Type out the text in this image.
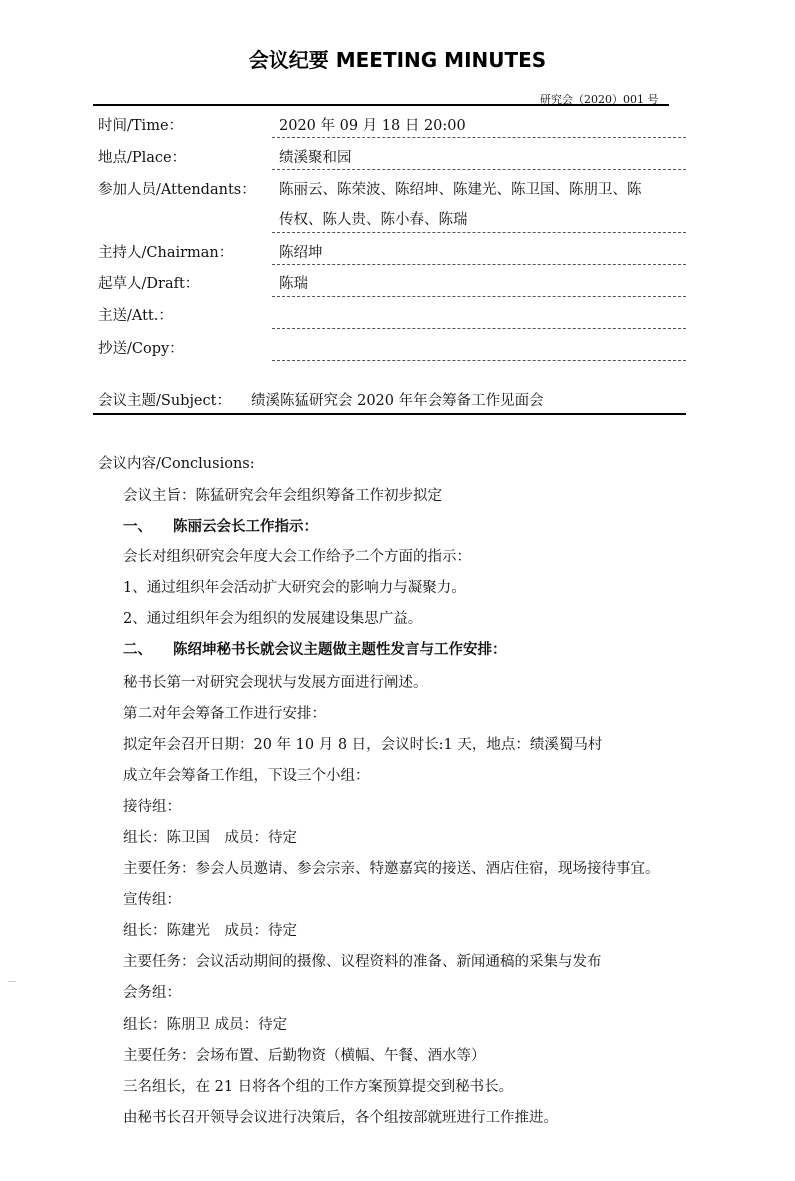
会议纪要 MEETING MINUTES
研究会（2020）001 号
时间/Time：	2020 年 09 月 18 日 20:00
地点/Place：	绩溪聚和园
参加人员/Attendants： 陈丽云、陈荣波、陈绍坤、陈建光、陈卫国、陈朋卫、陈
传权、陈人贵、陈小春、陈瑞
主持人/Chairman：	陈绍坤
起草人/Draft：	陈瑞
主送/Att.：
抄送/Copy：
会议主题/Subject： 绩溪陈猛研究会 2020 年年会筹备工作见面会
会议内容/Conclusions:
会议主旨：陈猛研究会年会组织筹备工作初步拟定
一、 陈丽云会长工作指示：
会长对组织研究会年度大会工作给予二个方面的指示：
1、通过组织年会活动扩大研究会的影响力与凝聚力。
2、通过组织年会为组织的发展建设集思广益。
二、 陈绍坤秘书长就会议主题做主题性发言与工作安排：
秘书长第一对研究会现状与发展方面进行阐述。
第二对年会筹备工作进行安排：
拟定年会召开日期：20 年 10 月 8 日，会议时长:1 天，地点：绩溪蜀马村
成立年会筹备工作组，下设三个小组：
接待组：
组长：陈卫国　成员：待定
主要任务：参会人员邀请、参会宗亲、特邀嘉宾的接送、酒店住宿，现场接待事宜。
宣传组：
组长：陈建光　成员：待定
主要任务：会议活动期间的摄像、议程资料的准备、新闻通稿的采集与发布
会务组：
组长：陈朋卫 成员：待定
主要任务：会场布置、后勤物资（横幅、午餐、酒水等）
三名组长，在 21 日将各个组的工作方案预算提交到秘书长。
由秘书长召开领导会议进行决策后，各个组按部就班进行工作推进。
